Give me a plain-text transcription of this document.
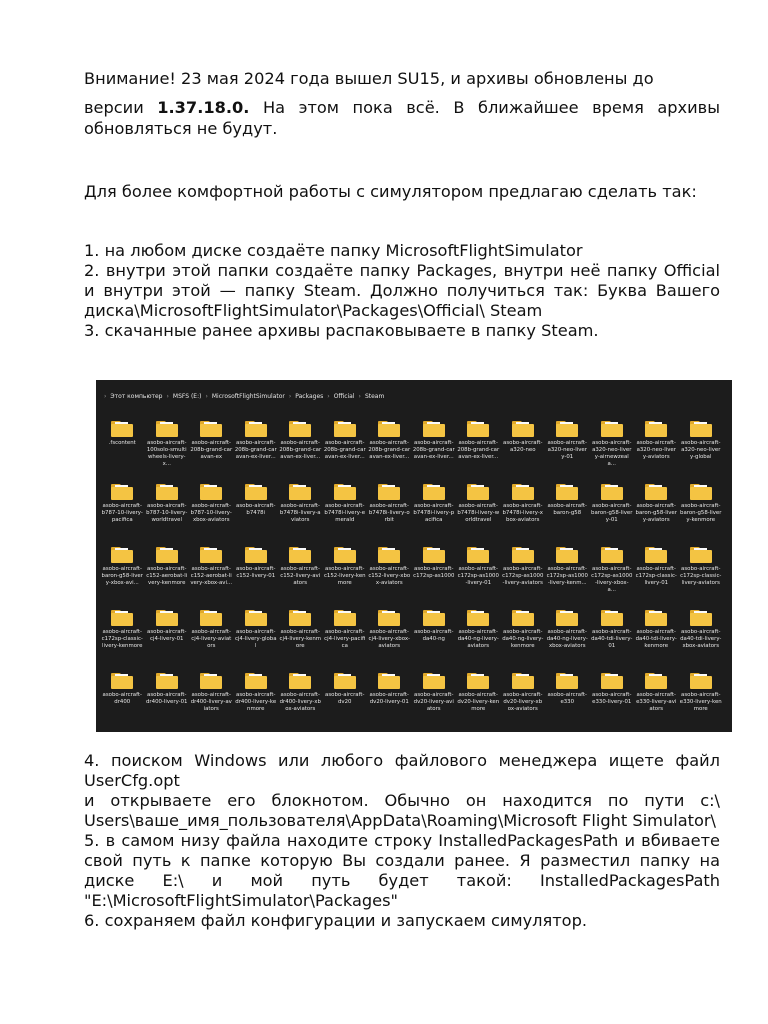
Внимание! 23 мая 2024 года вышел SU15, и архивы обновлены до

версии 1.37.18.0. На этом пока всё. В ближайшее время архивы обновляться не будут.

Для более комфортной работы с симулятором предлагаю сделать так:

1. на любом диске создаёте папку MicrosoftFlightSimulator

2. внутри этой папки создаёте папку Packages, внутри неё папку Official и внутри этой — папку Steam. Должно получиться так: Буква Вашего диска\MicrosoftFlightSimulator\Packages\Official\ Steam

3. скачанные ранее архивы распаковываете в папку Steam.

4. поиском Windows или любого файлового менеджера ищете файл UserCfg.opt

и открываете его блокнотом. Обычно он находится по пути c:\ Users\ваше_имя_пользователя\AppData\Roaming\Microsoft Flight Simulator\

5. в самом низу файла находите строку InstalledPackagesPath и вбиваете свой путь к папке которую Вы создали ранее. Я разместил папку на диске E:\ и мой путь будет такой: InstalledPackagesPath "E:\MicrosoftFlightSimulator\Packages"

6. сохраняем файл конфигурации и запускаем симулятор.

› Этот компьютер › MSFS (E:) › MicrosoftFlightSimulator › Packages › Official › Steam
.fscontent	asobo-aircraft-100solo-smultiwheels-livery-x...
asobo-aircraft-208b-grand-caravan-ex
asobo-aircraft-208b-grand-caravan-ex-liver...
asobo-aircraft-208b-grand-caravan-ex-liver...
asobo-aircraft-208b-grand-caravan-ex-liver...
asobo-aircraft-208b-grand-caravan-ex-liver...
asobo-aircraft-208b-grand-caravan-ex-liver...
asobo-aircraft-208b-grand-caravan-ex-liver...
asobo-aircraft-a320-neo
asobo-aircraft-a320-neo-livery-01
asobo-aircraft-a320-neo-livery-airnewzeala...
asobo-aircraft-a320-neo-livery-aviators
asobo-aircraft-a320-neo-livery-global
asobo-aircraft-b787-10-livery-pacifica
asobo-aircraft-b787-10-livery-worldtravel
asobo-aircraft-b787-10-livery-xbox-aviators
asobo-aircraft-b7478i
asobo-aircraft-b7478i-livery-aviators
asobo-aircraft-b7478i-livery-emerald
asobo-aircraft-b7478i-livery-orbit
asobo-aircraft-b7478i-livery-pacifica
asobo-aircraft-b7478i-livery-worldtravel
asobo-aircraft-b7478i-livery-xbox-aviators
asobo-aircraft-baron-g58
asobo-aircraft-baron-g58-livery-01
asobo-aircraft-baron-g58-livery-aviators
asobo-aircraft-baron-g58-livery-kenmore
asobo-aircraft-baron-g58-livery-xbox-avi...
asobo-aircraft-c152-aerobat-livery-kenmore
asobo-aircraft-c152-aerobat-livery-xbox-avi...
asobo-aircraft-c152-livery-01
asobo-aircraft-c152-livery-aviators
asobo-aircraft-c152-livery-kenmore
asobo-aircraft-c152-livery-xbox-aviators
asobo-aircraft-c172sp-as1000
asobo-aircraft-c172sp-as1000-livery-01
asobo-aircraft-c172sp-as1000-livery-aviators
asobo-aircraft-c172sp-as1000-livery-kenm...
asobo-aircraft-c172sp-as1000-livery-xbox-a...
asobo-aircraft-c172sp-classic-livery-01
asobo-aircraft-c172sp-classic-livery-aviators
asobo-aircraft-c172sp-classic-livery-kenmore
asobo-aircraft-cj4-livery-01
asobo-aircraft-cj4-livery-aviators
asobo-aircraft-cj4-livery-global
asobo-aircraft-cj4-livery-kenmore
asobo-aircraft-cj4-livery-pacifica
asobo-aircraft-cj4-livery-xbox-aviators
asobo-aircraft-da40-ng
asobo-aircraft-da40-ng-livery-aviators
asobo-aircraft-da40-ng-livery-kenmore
asobo-aircraft-da40-ng-livery-xbox-aviators
asobo-aircraft-da40-tdi-livery-01
asobo-aircraft-da40-tdi-livery-kenmore
asobo-aircraft-da40-tdi-livery-xbox-aviators
asobo-aircraft-dr400
asobo-aircraft-dr400-livery-01
asobo-aircraft-dr400-livery-aviators
asobo-aircraft-dr400-livery-kenmore
asobo-aircraft-dr400-livery-xbox-aviators
asobo-aircraft-dv20
asobo-aircraft-dv20-livery-01
asobo-aircraft-dv20-livery-aviators
asobo-aircraft-dv20-livery-kenmore
asobo-aircraft-dv20-livery-xbox-aviators
asobo-aircraft-e330
asobo-aircraft-e330-livery-01
asobo-aircraft-e330-livery-aviators
asobo-aircraft-e330-livery-kenmore
